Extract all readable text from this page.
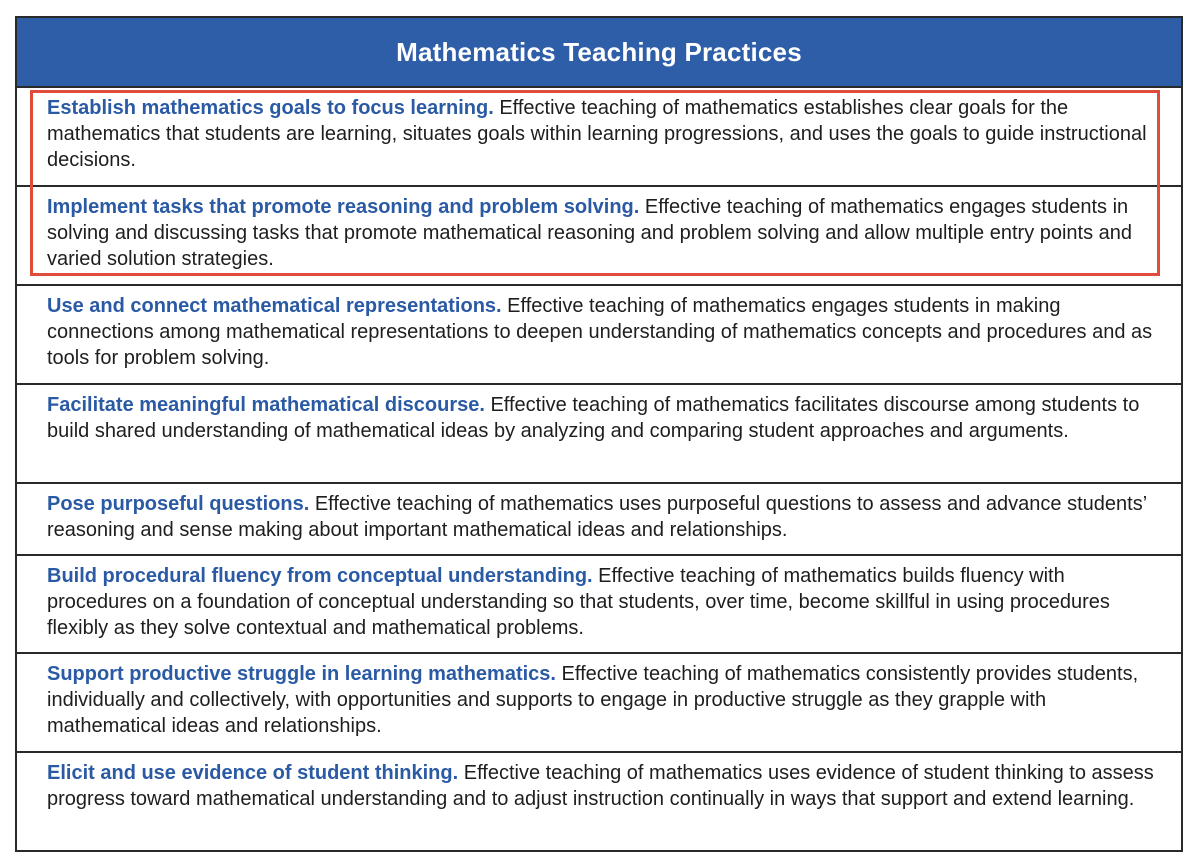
Mathematics Teaching Practices
Establish mathematics goals to focus learning. Effective teaching of mathematics establishes clear goals for the mathematics that students are learning, situates goals within learning progressions, and uses the goals to guide instructional decisions.
Implement tasks that promote reasoning and problem solving. Effective teaching of mathematics engages students in solving and discussing tasks that promote mathematical reasoning and problem solving and allow multiple entry points and varied solution strategies.
Use and connect mathematical representations. Effective teaching of mathematics engages students in making connections among mathematical representations to deepen understanding of mathematics concepts and procedures and as tools for problem solving.
Facilitate meaningful mathematical discourse. Effective teaching of mathematics facilitates discourse among students to build shared understanding of mathematical ideas by analyzing and comparing student approaches and arguments.
Pose purposeful questions. Effective teaching of mathematics uses purposeful questions to assess and advance students’ reasoning and sense making about important mathematical ideas and relationships.
Build procedural fluency from conceptual understanding. Effective teaching of mathematics builds fluency with procedures on a foundation of conceptual understanding so that students, over time, become skillful in using procedures flexibly as they solve contextual and mathematical problems.
Support productive struggle in learning mathematics. Effective teaching of mathematics consistently provides students, individually and collectively, with opportunities and supports to engage in productive struggle as they grapple with mathematical ideas and relationships.
Elicit and use evidence of student thinking. Effective teaching of mathematics uses evidence of student thinking to assess progress toward mathematical understanding and to adjust instruction continually in ways that support and extend learning.
